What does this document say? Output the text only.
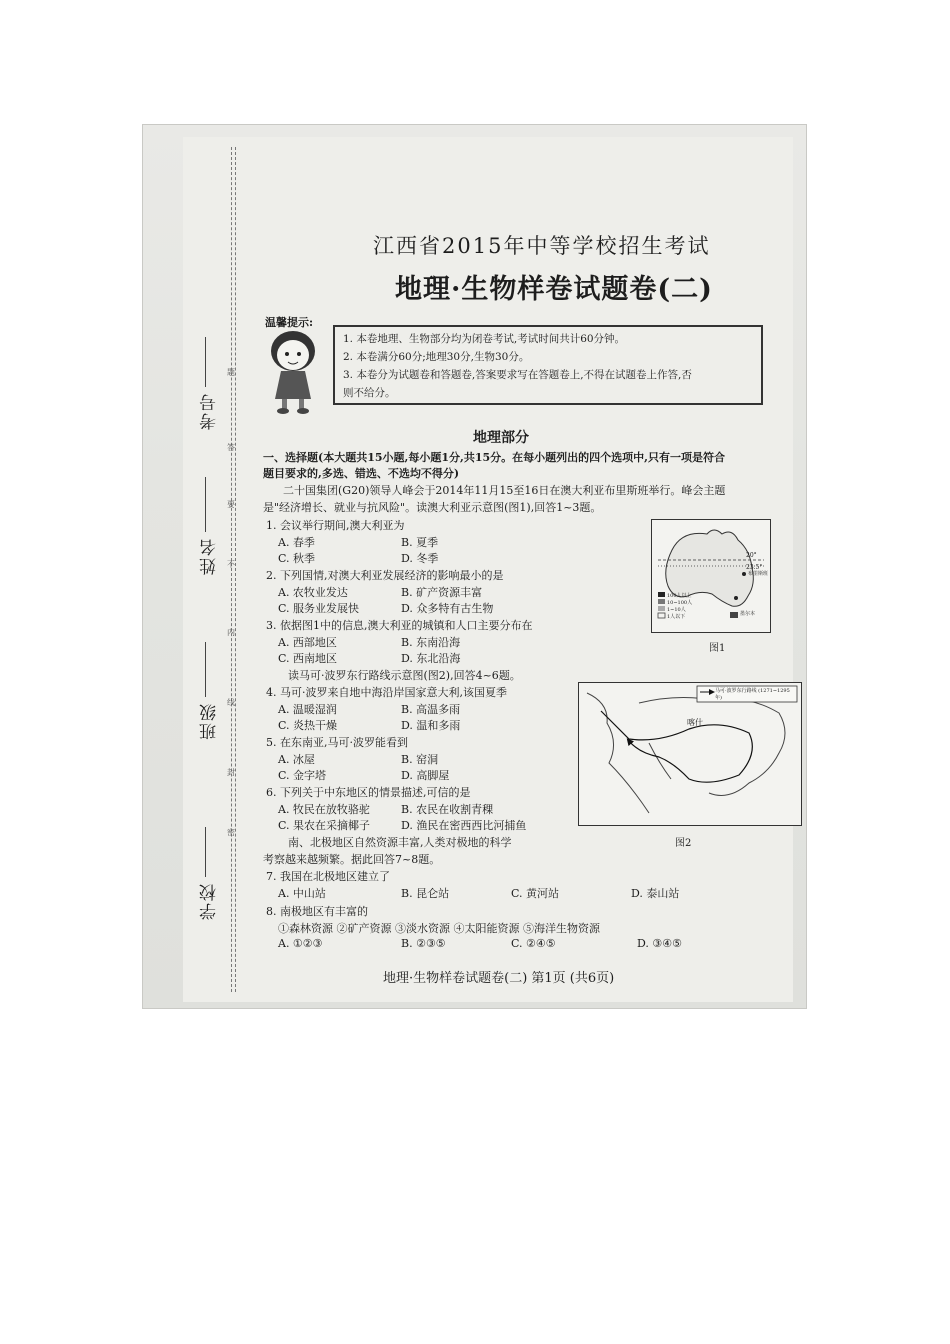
考号
姓名
班级
学校
题
答
要
不
内
线
封
密
江西省2015年中等学校招生考试
地理·生物样卷试题卷(二)
温馨提示:
1. 本卷地理、生物部分均为闭卷考试,考试时间共计60分钟。
2. 本卷满分60分;地理30分,生物30分。
3. 本卷分为试题卷和答题卷,答案要求写在答题卷上,不得在试题卷上作答,否
则不给分。
地理部分
一、选择题(本大题共15小题,每小题1分,共15分。在每小题列出的四个选项中,只有一项是符合
题目要求的,多选、错选、不选均不得分)
二十国集团(G20)领导人峰会于2014年11月15至16日在澳大利亚布里斯班举行。峰会主题
是"经济增长、就业与抗风险"。读澳大利亚示意图(图1),回答1~3题。
1. 会议举行期间,澳大利亚为
A. 春季	B. 夏季
C. 秋季	D. 冬季
2. 下列国情,对澳大利亚发展经济的影响最小的是
A. 农牧业发达	B. 矿产资源丰富
C. 服务业发展快	D. 众多特有古生物
3. 依据图1中的信息,澳大利亚的城镇和人口主要分布在
A. 西部地区	B. 东南沿海
C. 西南地区	D. 东北沿海
读马可·波罗东行路线示意图(图2),回答4~6题。
4. 马可·波罗来自地中海沿岸国家意大利,该国夏季
A. 温暖湿润	B. 高温多雨
C. 炎热干燥	D. 温和多雨
5. 在东南亚,马可·波罗能看到
A. 冰屋	B. 窑洞
C. 金字塔	D. 高脚屋
6. 下列关于中东地区的情景描述,可信的是
A. 牧民在放牧骆驼	B. 农民在收割青稞
C. 果农在采摘椰子	D. 渔民在密西西比河捕鱼
南、北极地区自然资源丰富,人类对极地的科学
考察越来越频繁。据此回答7~8题。
7. 我国在北极地区建立了
A. 中山站	B. 昆仑站	C. 黄河站	D. 泰山站
8. 南极地区有丰富的
①森林资源 ②矿产资源 ③淡水资源 ④太阳能资源 ⑤海洋生物资源
A. ①②③	B. ②③⑤	C. ②④⑤	D. ③④⑤
20°
23.5°
布里斯班
墨尔本
100人以上
10~100人
1~10人
1人以下
图1
马可·波罗东行路线 (1271~1295年)
喀什
图2
地理·生物样卷试题卷(二) 第1页 (共6页)
